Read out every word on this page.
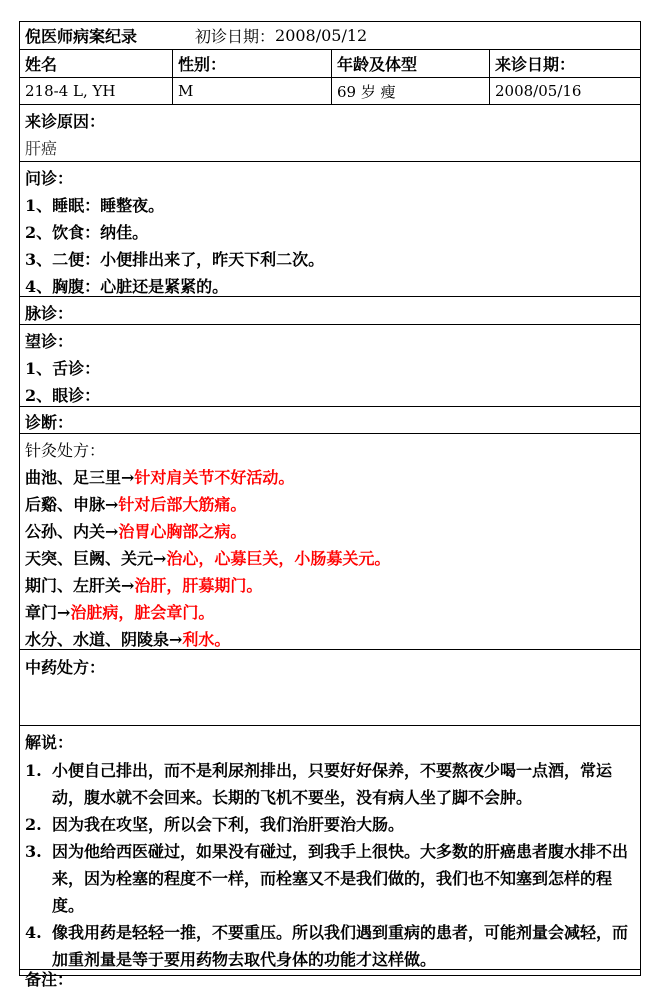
倪医师病案纪录	初诊日期： 2008/05/12
姓名	性别：	年龄及体型	来诊日期：
218-4 L, YH	M	69 岁 瘦	2008/05/16
来诊原因：
肝癌
问诊：
1、睡眠：睡整夜。
2、饮食：纳佳。
3、二便：小便排出来了，昨天下利二次。
4、胸腹：心脏还是紧紧的。
脉诊：
望诊：
1、舌诊：
2、眼诊：
诊断：
针灸处方：
曲池、足三里→针对肩关节不好活动。
后谿、申脉→针对后部大筋痛。
公孙、内关→治胃心胸部之病。
天突、巨阙、关元→治心，心募巨关，小肠募关元。
期门、左肝关→治肝，肝募期门。
章门→治脏病，脏会章门。
水分、水道、阴陵泉→利水。
中药处方：
解说：
1. 小便自己排出，而不是利尿剂排出，只要好好保养，不要熬夜少喝一点酒，常运动，腹水就不会回来。长期的飞机不要坐，没有病人坐了脚不会肿。
2. 因为我在攻坚，所以会下利，我们治肝要治大肠。
3. 因为他给西医碰过，如果没有碰过，到我手上很快。大多数的肝癌患者腹水排不出来，因为栓塞的程度不一样，而栓塞又不是我们做的，我们也不知塞到怎样的程度。
4. 像我用药是轻轻一推，不要重压。所以我们遇到重病的患者，可能剂量会减轻，而加重剂量是等于要用药物去取代身体的功能才这样做。
备注：
